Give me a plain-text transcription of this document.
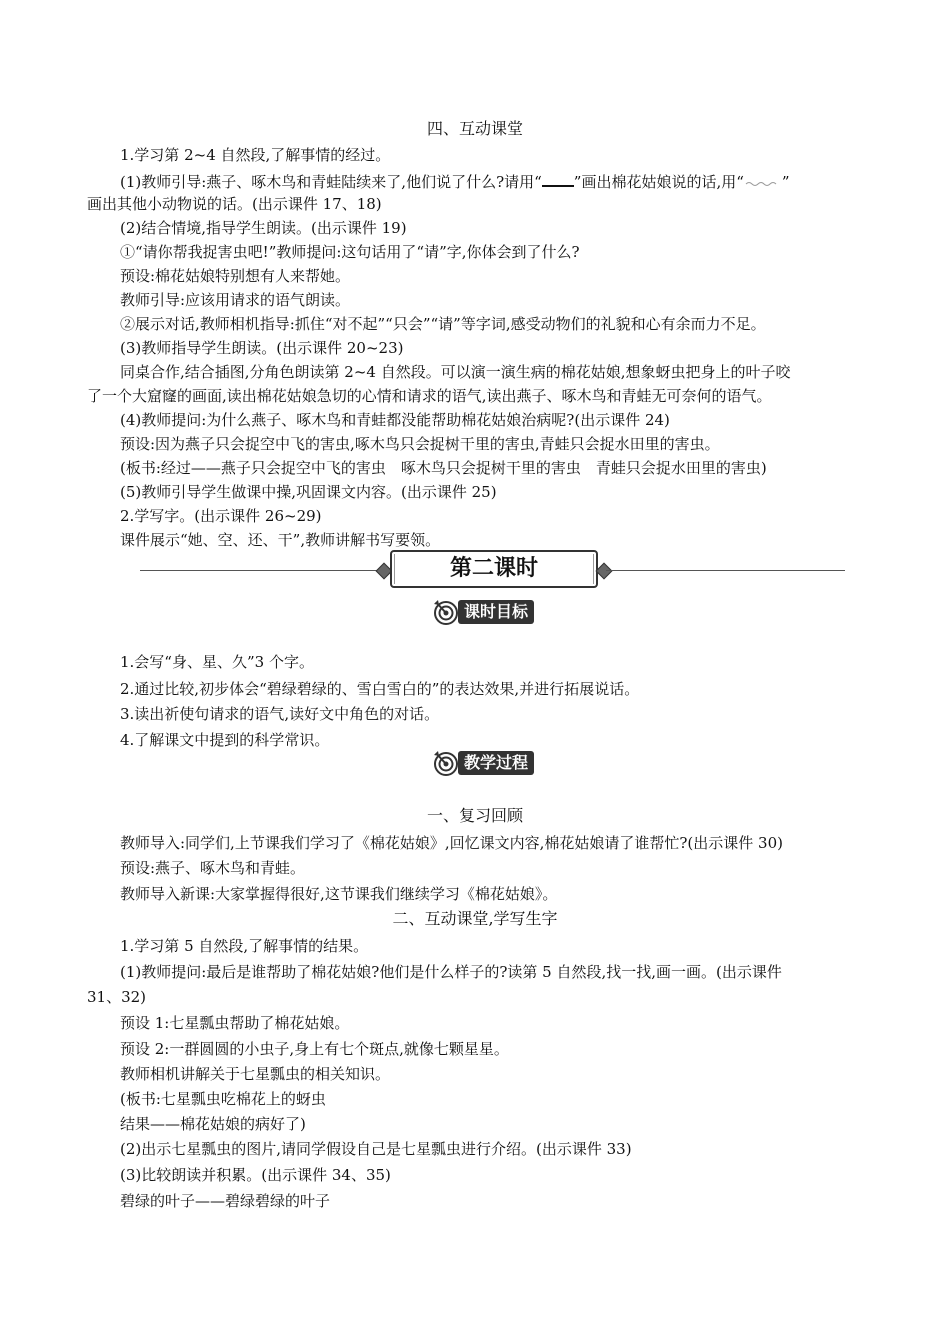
四、互动课堂
1.学习第 2~4 自然段,了解事情的经过。
(1)教师引导:燕子、啄木鸟和青蛙陆续来了,他们说了什么?请用“ ”画出棉花姑娘说的话,用“	”
画出其他小动物说的话。(出示课件 17、18)
(2)结合情境,指导学生朗读。(出示课件 19)
①“请你帮我捉害虫吧!”教师提问:这句话用了“请”字,你体会到了什么?
预设:棉花姑娘特别想有人来帮她。
教师引导:应该用请求的语气朗读。
②展示对话,教师相机指导:抓住“对不起”“只会”“请”等字词,感受动物们的礼貌和心有余而力不足。
(3)教师指导学生朗读。(出示课件 20~23)
同桌合作,结合插图,分角色朗读第 2~4 自然段。可以演一演生病的棉花姑娘,想象蚜虫把身上的叶子咬
了一个大窟窿的画面,读出棉花姑娘急切的心情和请求的语气,读出燕子、啄木鸟和青蛙无可奈何的语气。
(4)教师提问:为什么燕子、啄木鸟和青蛙都没能帮助棉花姑娘治病呢?(出示课件 24)
预设:因为燕子只会捉空中飞的害虫,啄木鸟只会捉树干里的害虫,青蛙只会捉水田里的害虫。
(板书:经过——燕子只会捉空中飞的害虫　啄木鸟只会捉树干里的害虫　青蛙只会捉水田里的害虫)
(5)教师引导学生做课中操,巩固课文内容。(出示课件 25)
2.学写字。(出示课件 26~29)
课件展示“她、空、还、干”,教师讲解书写要领。
第二课时
课时目标
1.会写“身、星、久”3 个字。
2.通过比较,初步体会“碧绿碧绿的、雪白雪白的”的表达效果,并进行拓展说话。
3.读出祈使句请求的语气,读好文中角色的对话。
4.了解课文中提到的科学常识。
教学过程
一、复习回顾
教师导入:同学们,上节课我们学习了《棉花姑娘》,回忆课文内容,棉花姑娘请了谁帮忙?(出示课件 30)
预设:燕子、啄木鸟和青蛙。
教师导入新课:大家掌握得很好,这节课我们继续学习《棉花姑娘》。
二、互动课堂,学写生字
1.学习第 5 自然段,了解事情的结果。
(1)教师提问:最后是谁帮助了棉花姑娘?他们是什么样子的?读第 5 自然段,找一找,画一画。(出示课件
31、32)
预设 1:七星瓢虫帮助了棉花姑娘。
预设 2:一群圆圆的小虫子,身上有七个斑点,就像七颗星星。
教师相机讲解关于七星瓢虫的相关知识。
(板书:七星瓢虫吃棉花上的蚜虫
结果——棉花姑娘的病好了)
(2)出示七星瓢虫的图片,请同学假设自己是七星瓢虫进行介绍。(出示课件 33)
(3)比较朗读并积累。(出示课件 34、35)
碧绿的叶子——碧绿碧绿的叶子
